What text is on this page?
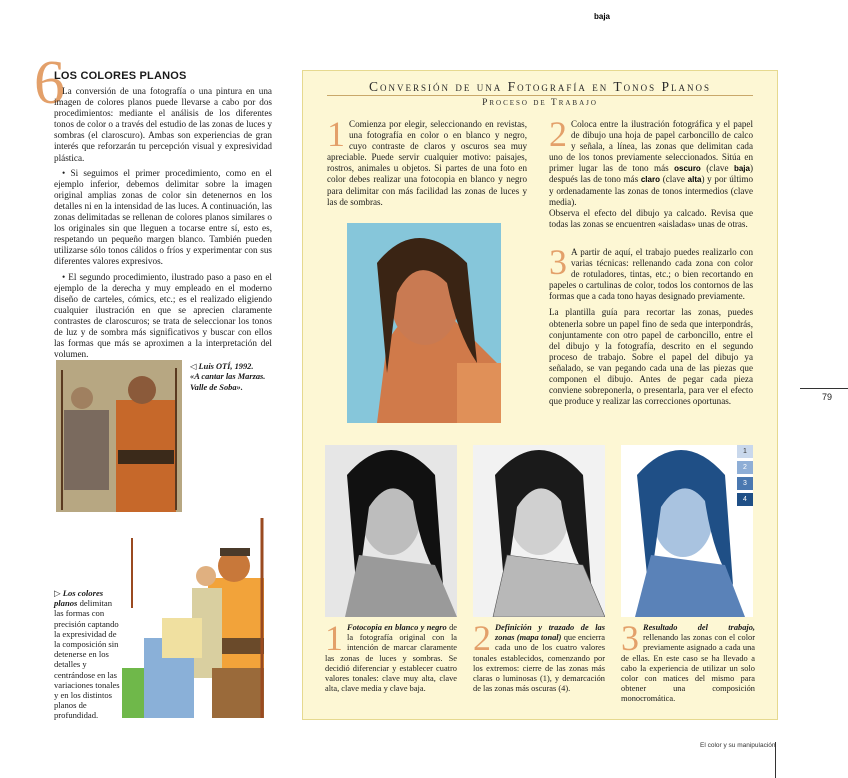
baja
6
LOS COLORES PLANOS

La conversión de una fotografía o una pintura en una imagen de colores planos puede llevarse a cabo por dos procedimientos: mediante el análisis de los diferentes tonos de color o a través del estudio de las zonas de luces y sombras (el claroscuro). Ambas son experiencias de gran interés que reforzarán tu percepción visual y expresividad plástica.

• Si seguimos el primer procedimiento, como en el ejemplo inferior, debemos delimitar sobre la imagen original amplias zonas de color sin detenernos en los detalles ni en la intensidad de las luces. A continuación, las zonas delimitadas se rellenan de colores planos similares o los originales sin que lleguen a tocarse entre sí, esto es, respetando un pequeño margen blanco. También pueden utilizarse sólo tonos cálidos o fríos y experimentar con sus diferentes valores expresivos.

• El segundo procedimiento, ilustrado paso a paso en el ejemplo de la derecha y muy empleado en el moderno diseño de carteles, cómics, etc.; es el realizado eligiendo cualquier ilustración en que se aprecien claramente contrastes de claroscuros; se trata de seleccionar los tonos de luz y de sombra más significativos y buscar con ellos las formas que más se aproximen a la interpretación del volumen.

◁ Luis OTÍ, 1992.
«A cantar las Marzas.
Valle de Soba».
▷ Los colores planos delimitan las formas con precisión captando la expresividad de la composición sin detenerse en los detalles y centrándose en las variaciones tonales y en los distintos planos de profundidad.
Conversión de una Fotografía en Tonos Planos
Proceso de Trabajo
1 Comienza por elegir, seleccionando en revistas, una fotografía en color o en blanco y negro, cuyo contraste de claros y oscuros sea muy apreciable. Puede servir cualquier motivo: paisajes, rostros, animales u objetos. Si partes de una foto en color debes realizar una fotocopia en blanco y negro para delimitar con más facilidad las zonas de luces y las de sombras.
2 Coloca entre la ilustración fotográfica y el papel de dibujo una hoja de papel carboncillo de calco y señala, a línea, las zonas que delimitan cada uno de los tonos previamente seleccionados. Sitúa en primer lugar las de tono más oscuro (clave baja) después las de tono más claro (clave alta) y por último y ordenadamente las zonas de tonos intermedios (clave media).
Observa el efecto del dibujo ya calcado. Revisa que todas las zonas se encuentren «aisladas» unas de otras.

3 A partir de aquí, el trabajo puedes realizarlo con varias técnicas: rellenando cada zona con color de rotuladores, tintas, etc.; o bien recortando en papeles o cartulinas de color, todos los contornos de las formas que a cada tono hayas designado previamente.

La plantilla guía para recortar las zonas, puedes obtenerla sobre un papel fino de seda que interpondrás, conjuntamente con otro papel de carboncillo, entre el del dibujo y la fotografía, descrito en el segundo proceso de trabajo. Sobre el papel del dibujo ya señalado, se van pegando cada una de las piezas que componen el dibujo. Antes de pegar cada pieza conviene sobreponerla, o presentarla, para ver el efecto que produce y realizar las correcciones oportunas.

1
2
3
4
1 Fotocopia en blanco y negro de la fotografía original con la intención de marcar claramente las zonas de luces y sombras. Se decidió diferenciar y establecer cuatro valores tonales: clave muy alta, clave alta, clave media y clave baja.
2 Definición y trazado de las zonas (mapa tonal) que encierra cada uno de los cuatro valores tonales establecidos, comenzando por los extremos: cierre de las zonas más claras o luminosas (1), y demarcación de las zonas más oscuras (4).
3 Resultado del trabajo, rellenando las zonas con el color previamente asignado a cada una de ellas. En este caso se ha llevado a cabo la experiencia de utilizar un solo color con matices del mismo para obtener una composición monocromática.
79
El color y su manipulación
